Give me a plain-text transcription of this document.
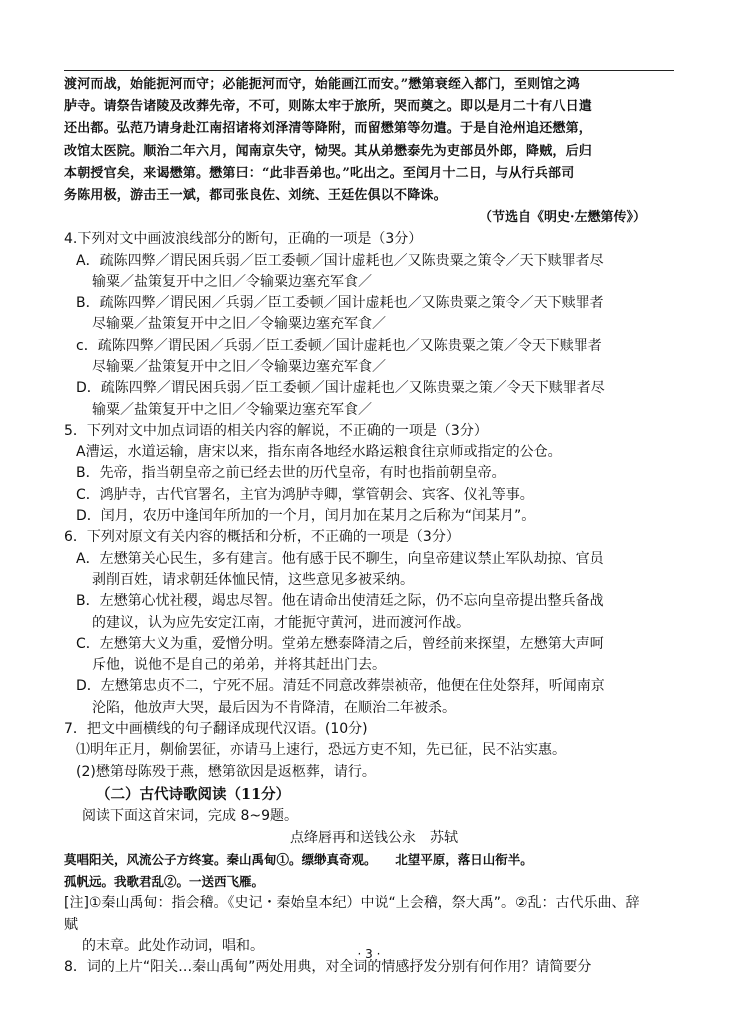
渡河而战，始能扼河而守；必能扼河而守，始能画江而安。”懋第衰绖入都门，至则馆之鸿

胪寺。请祭告诸陵及改葬先帝，不可，则陈太牢于旅所，哭而奠之。即以是月二十有八日遣

还出都。弘范乃请身赴江南招诸将刘泽清等降附，而留懋第等勿遣。于是自沧州追还懋第，

改馆太医院。顺治二年六月，闻南京失守，恸哭。其从弟懋泰先为吏部员外郎，降贼，后归

本朝授官矣，来谒懋第。懋第曰：“此非吾弟也。”叱出之。至闰月十二日，与从行兵部司

务陈用极，游击王一斌，都司张良佐、刘统、王廷佐俱以不降诛。

（节选自《明史·左懋第传》）

4.下列对文中画波浪线部分的断句，正确的一项是（3分）

A．疏陈四弊／谓民困兵弱／臣工委顿／国计虚耗也／又陈贵粟之策令／天下赎罪者尽

输粟／盐策复开中之旧／令输粟边塞充军食／

B．疏陈四弊／谓民困／兵弱／臣工委顿／国计虚耗也／又陈贵粟之策令／天下赎罪者

尽输粟／盐策复开中之旧／令输粟边塞充军食／

c．疏陈四弊／谓民困／兵弱／臣工委顿／国计虚耗也／又陈贵粟之策／令天下赎罪者

尽输粟／盐策复开中之旧／令输粟边塞充军食／

D．疏陈四弊／谓民困兵弱／臣工委顿／国计虚耗也／又陈贵粟之策／令天下赎罪者尽

输粟／盐策复开中之旧／令输粟边塞充军食／

5．下列对文中加点词语的相关内容的解说，不正确的一项是（3分）

A漕运，水道运输，唐宋以来，指东南各地经水路运粮食往京师或指定的公仓。

B．先帝，指当朝皇帝之前已经去世的历代皇帝，有时也指前朝皇帝。

C．鸿胪寺，古代官署名，主官为鸿胪寺卿，掌管朝会、宾客、仪礼等事。

D．闰月，农历中逢闰年所加的一个月，闰月加在某月之后称为“闰某月”。

6．下列对原文有关内容的概括和分析，不正确的一项是（3分）

A．左懋第关心民生，多有建言。他有感于民不聊生，向皇帝建议禁止军队劫掠、官员

剥削百姓，请求朝廷体恤民情，这些意见多被采纳。

B．左懋第心忧社稷，竭忠尽智。他在请命出使清廷之际，仍不忘向皇帝提出整兵备战

的建议，认为应先安定江南，才能扼守黄河，进而渡河作战。

C．左懋第大义为重，爱憎分明。堂弟左懋泰降清之后，曾经前来探望，左懋第大声呵

斥他，说他不是自己的弟弟，并将其赶出门去。

D．左懋第忠贞不二，宁死不屈。清廷不同意改葬崇祯帝，他便在住处祭拜，听闻南京

沦陷，他放声大哭，最后因为不肯降清，在顺治二年被杀。

7．把文中画横线的句子翻译成现代汉语。(10分)

⑴明年正月，劓偷罢征，亦请马上速行，恐远方吏不知，先已征，民不沾实惠。

(2)懋第母陈殁于燕，懋第欲因是返柩葬，请行。

（二）古代诗歌阅读（11分）

阅读下面这首宋词，完成 8~9题。

点绛唇再和送钱公永 苏轼

莫唱阳关，风流公子方终宴。秦山禹甸①。缥缈真奇观。　　北望平原，落日山衔半。

孤帆远。我歌君乱②。一送西飞雁。

[注]①秦山禹甸：指会稽。《史记・秦始皇本纪）中说“上会稽，祭大禹”。②乱：古代乐曲、辞

赋

的末章。此处作动词，唱和。

8．词的上片“阳关…秦山禹甸”两处用典，对全词的情感抒发分别有何作用？请简要分

· 3 ·
